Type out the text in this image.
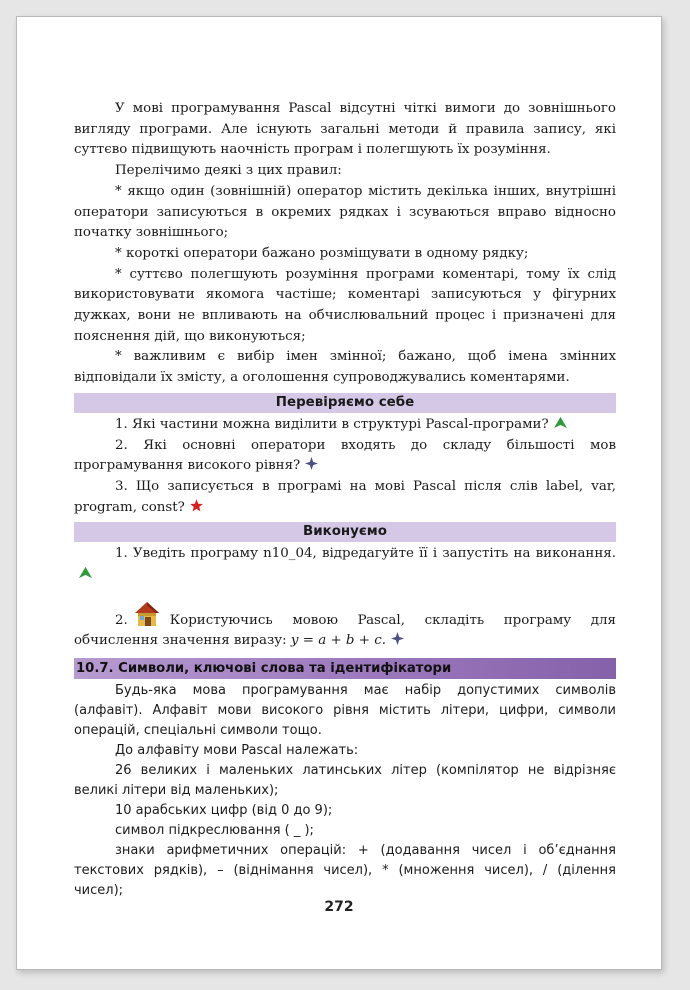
У мові програмування Pascal відсутні чіткі вимоги до зовнішнього вигляду програми. Але існують загальні методи й правила запису, які суттєво підвищують наочність програм і полегшують їх розуміння.

Перелічимо деякі з цих правил:

* якщо один (зовнішній) оператор містить декілька інших, внутрішні оператори записуються в окремих рядках і зсуваються вправо відносно початку зовнішнього;

* короткі оператори бажано розміщувати в одному рядку;

* суттєво полегшують розуміння програми коментарі, тому їх слід використовувати якомога частіше; коментарі записуються у фігурних дужках, вони не впливають на обчислювальний процес і призначені для пояснення дій, що виконуються;

* важливим є вибір імен змінної; бажано, щоб імена змінних відповідали їх змісту, а оголошення супроводжувались коментарями.

Перевіряємо себе

1. Які частини можна виділити в структурі Pascal-програми?

2. Які основні оператори входять до складу більшості мов програмування високого рівня?

3. Що записується в програмі на мові Pascal після слів label, var, program, const?

Виконуємо

1. Уведіть програму n10_04, відредагуйте її і запустіть на виконання.

2.	Користуючись мовою Pascal, складіть програму для обчислення значення виразу: y = a + b + c.

10.7. Символи, ключові слова та ідентифікатори

Будь-яка мова програмування має набір допустимих символів (алфавіт). Алфавіт мови високого рівня містить літери, цифри, символи операцій, спеціальні символи тощо.

До алфавіту мови Pascal належать:

26 великих і маленьких латинських літер (компілятор не відрізняє великі літери від маленьких);

10 арабських цифр (від 0 до 9);

символ підкреслювання ( _ );

знаки арифметичних операцій: + (додавання чисел і об’єднання текстових рядків), – (віднімання чисел), * (множення чисел), / (ділення чисел);

272
